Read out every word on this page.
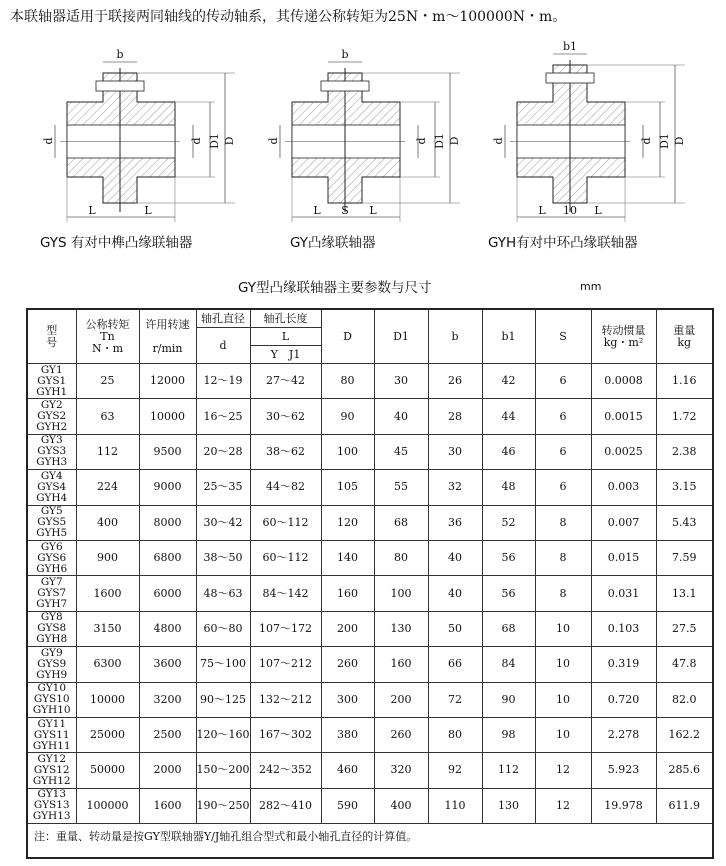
本联轴器适用于联接两同轴线的传动轴系，其传递公称转矩为25N・m～100000N・m。
b
D
D1
d
d
L	L
GYS 有对中榫凸缘联轴器
b
D
D1
d
d
L S L
GY凸缘联轴器
b1
D
D1
d
d
L 10 L
GYH有对中环凸缘联轴器
GY型凸缘联轴器主要参数与尺寸	mm
型
号	公称转矩
Tn
N・m	许用转速

r/min	轴孔直径	轴孔长度	D	D1	b	b1	S	转动惯量
kg・m²	重量
kg
			d	L							
				Y　J1							
GY1
GYS1
GYH1	25	12000	12～19	27～42	80	30	26	42	6	0.0008	1.16
GY2
GYS2
GYH2	63	10000	16～25	30～62	90	40	28	44	6	0.0015	1.72
GY3
GYS3
GYH3	112	9500	20～28	38～62	100	45	30	46	6	0.0025	2.38
GY4
GYS4
GYH4	224	9000	25～35	44～82	105	55	32	48	6	0.003	3.15
GY5
GYS5
GYH5	400	8000	30～42	60～112	120	68	36	52	8	0.007	5.43
GY6
GYS6
GYH6	900	6800	38～50	60～112	140	80	40	56	8	0.015	7.59
GY7
GYS7
GYH7	1600	6000	48～63	84～142	160	100	40	56	8	0.031	13.1
GY8
GYS8
GYH8	3150	4800	60～80	107～172	200	130	50	68	10	0.103	27.5
GY9
GYS9
GYH9	6300	3600	75～100	107～212	260	160	66	84	10	0.319	47.8
GY10
GYS10
GYH10	10000	3200	90～125	132～212	300	200	72	90	10	0.720	82.0
GY11
GYS11
GYH11	25000	2500	120～160	167～302	380	260	80	98	10	2.278	162.2
GY12
GYS12
GYH12	50000	2000	150～200	242～352	460	320	92	112	12	5.923	285.6
GY13
GYS13
GYH13	100000	1600	190～250	282～410	590	400	110	130	12	19.978	611.9
注：重量、转动量是按GY型联轴器Y/J轴孔组合型式和最小轴孔直径的计算值。											
